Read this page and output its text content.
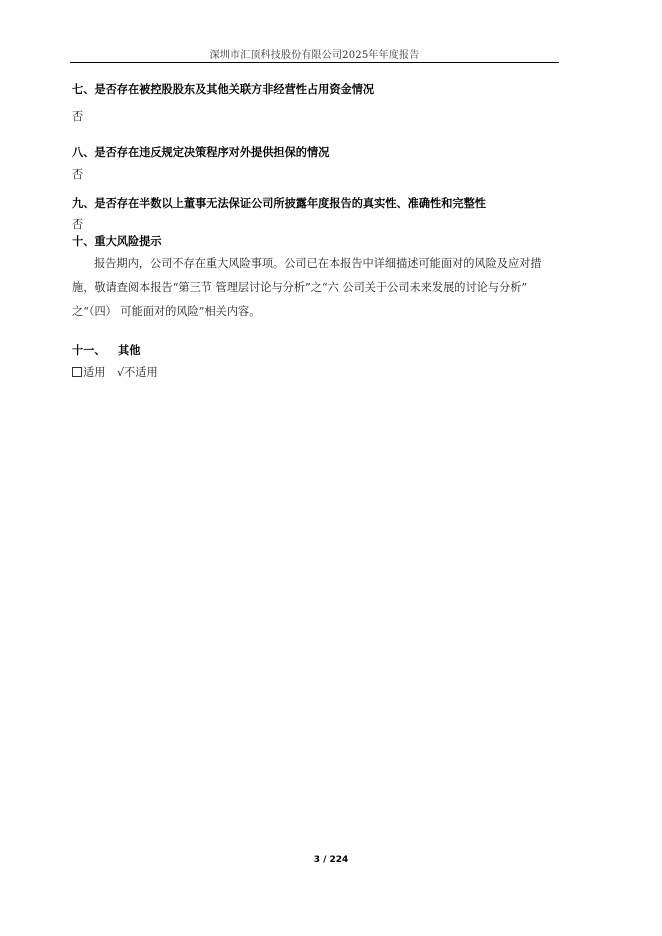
深圳市汇顶科技股份有限公司2025年年度报告
七、是否存在被控股股东及其他关联方非经营性占用资金情况
否
八、是否存在违反规定决策程序对外提供担保的情况
否
九、是否存在半数以上董事无法保证公司所披露年度报告的真实性、准确性和完整性
否
十、重大风险提示
报告期内，公司不存在重大风险事项。公司已在本报告中详细描述可能面对的风险及应对措
施，敬请查阅本报告“第三节 管理层讨论与分析”之“六 公司关于公司未来发展的讨论与分析”
之“（四） 可能面对的风险”相关内容。
十一、 其他
适用 √不适用
3 / 224
